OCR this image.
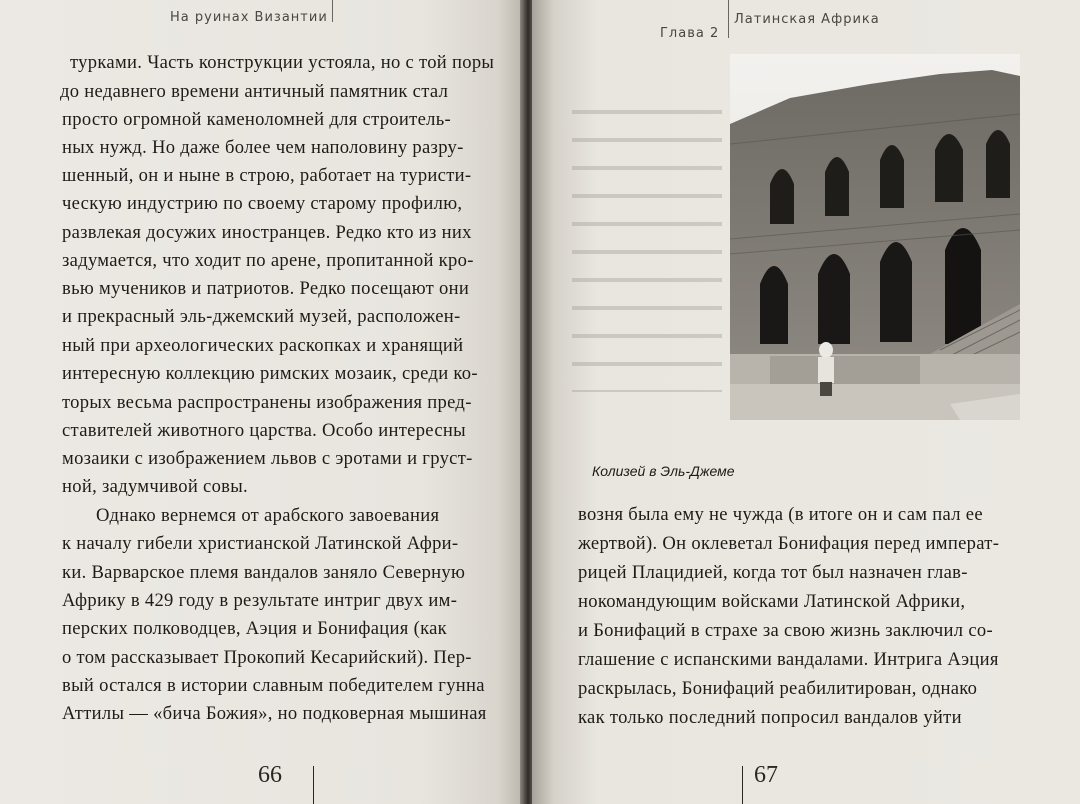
На руинах Византии
турками. Часть конструкции устояла, но с той поры
до недавнего времени античный памятник стал
просто огромной каменоломней для строитель-
ных нужд. Но даже более чем наполовину разру-
шенный, он и ныне в строю, работает на туристи-
ческую индустрию по своему старому профилю,
развлекая досужих иностранцев. Редко кто из них
задумается, что ходит по арене, пропитанной кро-
вью мучеников и патриотов. Редко посещают они
и прекрасный эль-джемский музей, расположен-
ный при археологических раскопках и хранящий
интересную коллекцию римских мозаик, среди ко-
торых весьма распространены изображения пред-
ставителей животного царства. Особо интересны
мозаики с изображением львов с эротами и груст-
ной, задумчивой совы.
Однако вернемся от арабского завоевания
к началу гибели христианской Латинской Афри-
ки. Варварское племя вандалов заняло Северную
Африку в 429 году в результате интриг двух им-
перских полководцев, Аэция и Бонифация (как
о том рассказывает Прокопий Кесарийский). Пер-
вый остался в истории славным победителем гунна
Аттилы — «бича Божия», но подковерная мышиная
66
Глава 2
Латинская Африка
Колизей в Эль-Джеме
возня была ему не чужда (в итоге он и сам пал ее
жертвой). Он оклеветал Бонифация перед императ-
рицей Плацидией, когда тот был назначен глав-
нокомандующим войсками Латинской Африки,
и Бонифаций в страхе за свою жизнь заключил со-
глашение с испанскими вандалами. Интрига Аэция
раскрылась, Бонифаций реабилитирован, однако
как только последний попросил вандалов уйти
67
